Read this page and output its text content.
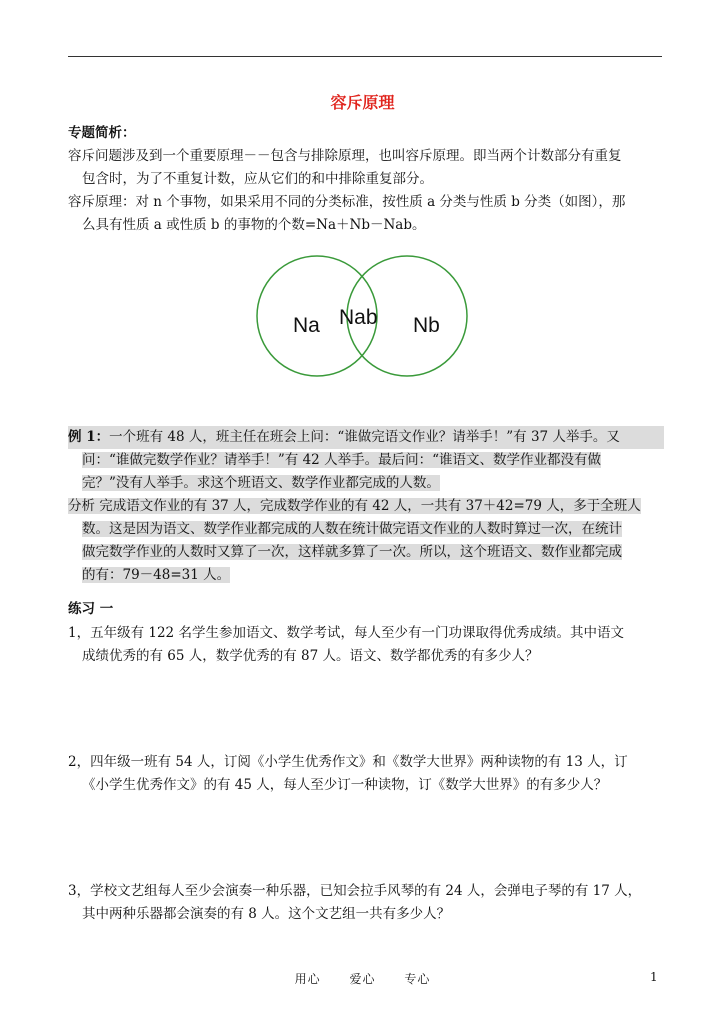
容斥原理
专题简析：
容斥问题涉及到一个重要原理－－包含与排除原理，也叫容斥原理。即当两个计数部分有重复
包含时，为了不重复计数，应从它们的和中排除重复部分。
容斥原理：对 n 个事物，如果采用不同的分类标准，按性质 a 分类与性质 b 分类（如图），那
么具有性质 a 或性质 b 的事物的个数=Na＋Nb－Nab。
Na Nab Nb
例 1：一个班有 48 人，班主任在班会上问：“谁做完语文作业？请举手！”有 37 人举手。又
问：“谁做完数学作业？请举手！”有 42 人举手。最后问：“谁语文、数学作业都没有做
完？”没有人举手。求这个班语文、数学作业都完成的人数。
分析 完成语文作业的有 37 人，完成数学作业的有 42 人，一共有 37＋42=79 人，多于全班人
数。这是因为语文、数学作业都完成的人数在统计做完语文作业的人数时算过一次，在统计
做完数学作业的人数时又算了一次，这样就多算了一次。所以，这个班语文、数作业都完成
的有：79－48=31 人。
练习 一
1，五年级有 122 名学生参加语文、数学考试，每人至少有一门功课取得优秀成绩。其中语文
成绩优秀的有 65 人，数学优秀的有 87 人。语文、数学都优秀的有多少人？
2，四年级一班有 54 人，订阅《小学生优秀作文》和《数学大世界》两种读物的有 13 人，订
《小学生优秀作文》的有 45 人，每人至少订一种读物，订《数学大世界》的有多少人？
3，学校文艺组每人至少会演奏一种乐器，已知会拉手风琴的有 24 人，会弹电子琴的有 17 人，
其中两种乐器都会演奏的有 8 人。这个文艺组一共有多少人？
用心 爱心 专心	1
